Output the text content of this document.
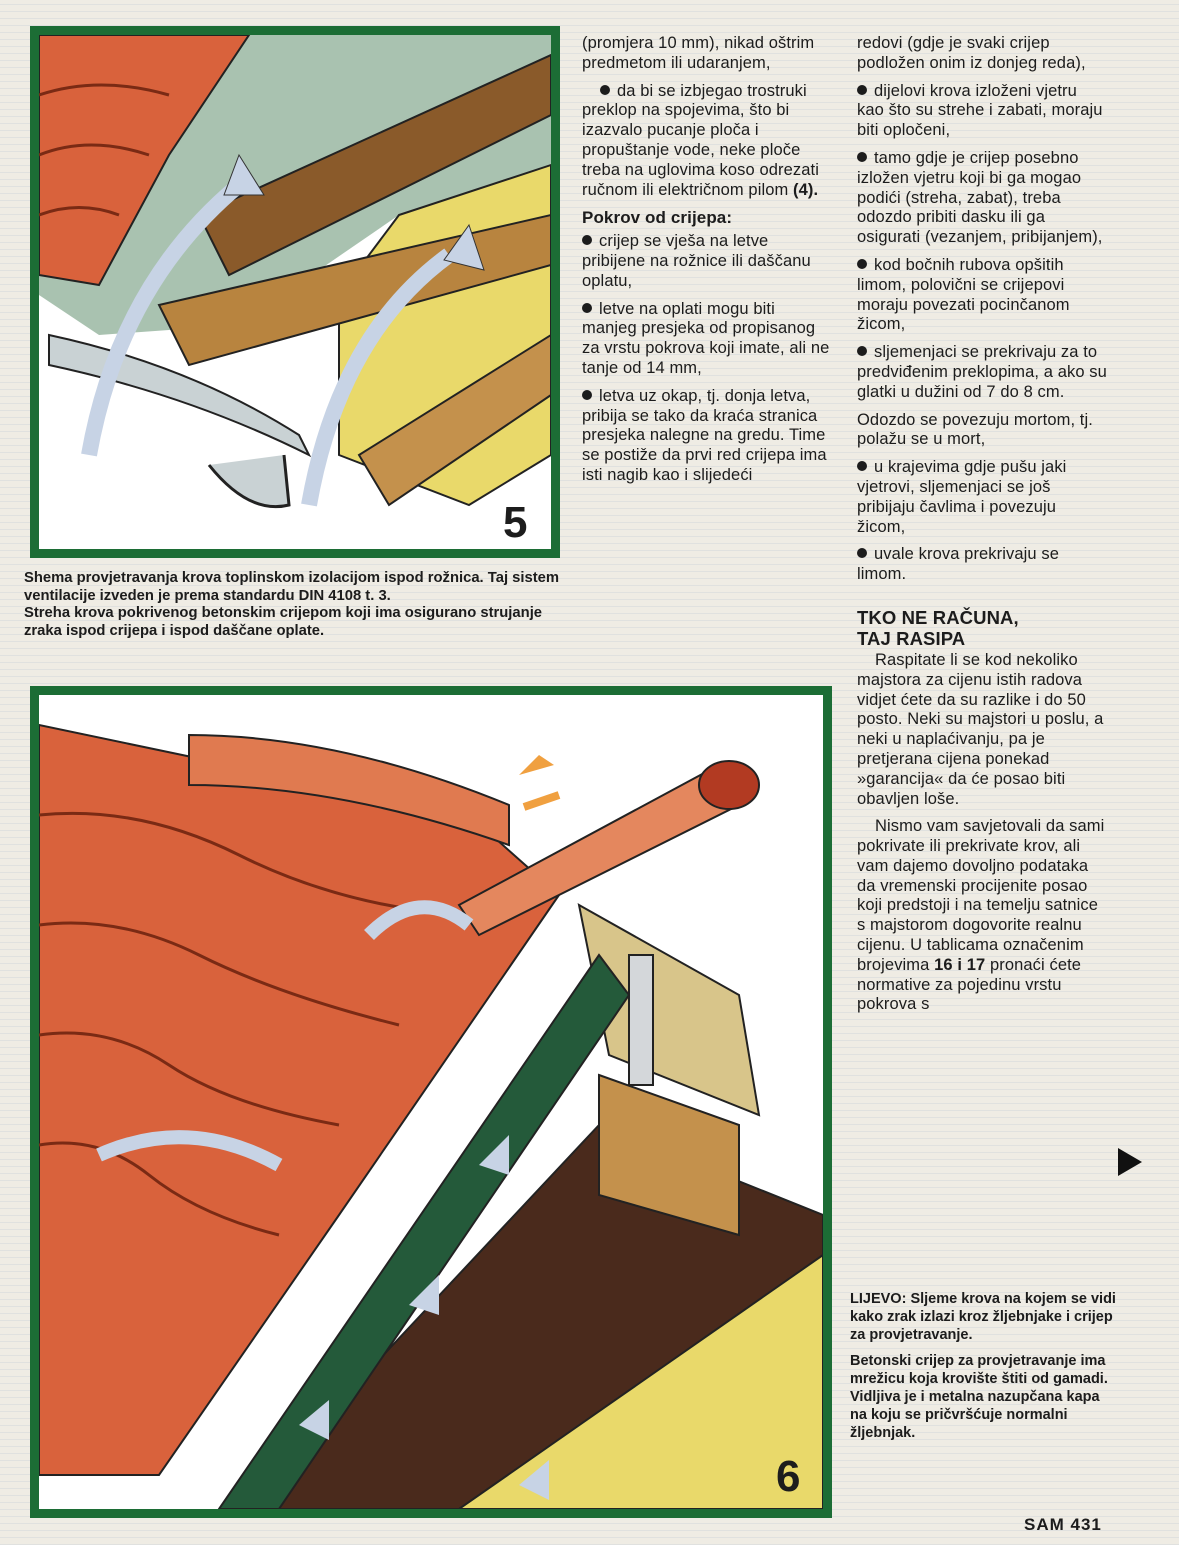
5

Shema provjetravanja krova toplinskom izolacijom ispod rožnica. Taj sistem ventilacije izveden je prema standardu DIN 4108 t. 3.

Streha krova pokrivenog betonskim crijepom koji ima osigurano strujanje zraka ispod crijepa i ispod daščane oplate.

(promjera 10 mm), nikad oštrim predmetom ili udaranjem,

da bi se izbjegao trostruki preklop na spojevima, što bi izazvalo pucanje ploča i propuštanje vode, neke ploče treba na uglovima koso odrezati ručnom ili električnom pilom (4).

Pokrov od crijepa:

crijep se vješa na letve pribijene na rožnice ili daščanu oplatu,

letve na oplati mogu biti manjeg presjeka od propisanog za vrstu pokrova koji imate, ali ne tanje od 14 mm,

letva uz okap, tj. donja letva, pribija se tako da kraća stranica presjeka nalegne na gredu. Time se postiže da prvi red crijepa ima isti nagib kao i slijedeći

redovi (gdje je svaki crijep podložen onim iz donjeg reda),

dijelovi krova izloženi vjetru kao što su strehe i zabati, moraju biti opločeni,

tamo gdje je crijep posebno izložen vjetru koji bi ga mogao podići (streha, zabat), treba odozdo pribiti dasku ili ga osigurati (vezanjem, pribijanjem),

kod bočnih rubova opšitih limom, polovični se crijepovi moraju povezati pocinčanom žicom,

sljemenjaci se prekrivaju za to predviđenim preklopima, a ako su glatki u dužini od 7 do 8 cm.

Odozdo se povezuju mortom, tj. polažu se u mort,

u krajevima gdje pušu jaki vjetrovi, sljemenjaci se još pribijaju čavlima i povezuju žicom,

uvale krova prekrivaju se limom.

TKO NE RAČUNA,
TAJ RASIPA

Raspitate li se kod nekoliko majstora za cijenu istih radova vidjet ćete da su razlike i do 50 posto. Neki su majstori u poslu, a neki u naplaćivanju, pa je pretjerana cijena ponekad »garancija« da će posao biti obavljen loše.

Nismo vam savjetovali da sami pokrivate ili prekrivate krov, ali vam dajemo dovoljno podataka da vremenski procijenite posao koji predstoji i na temelju satnice s majstorom dogovorite realnu cijenu. U tablicama označenim brojevima 16 i 17 pronaći ćete normative za pojedinu vrstu pokrova s

6

LIJEVO: Sljeme krova na kojem se vidi kako zrak izlazi kroz žljebnjake i crijep za provjetravanje.

Betonski crijep za provjetravanje ima mrežicu koja krovište štiti od gamadi. Vidljiva je i metalna nazupčana kapa na koju se pričvršćuje normalni žljebnjak.

SAM 431
